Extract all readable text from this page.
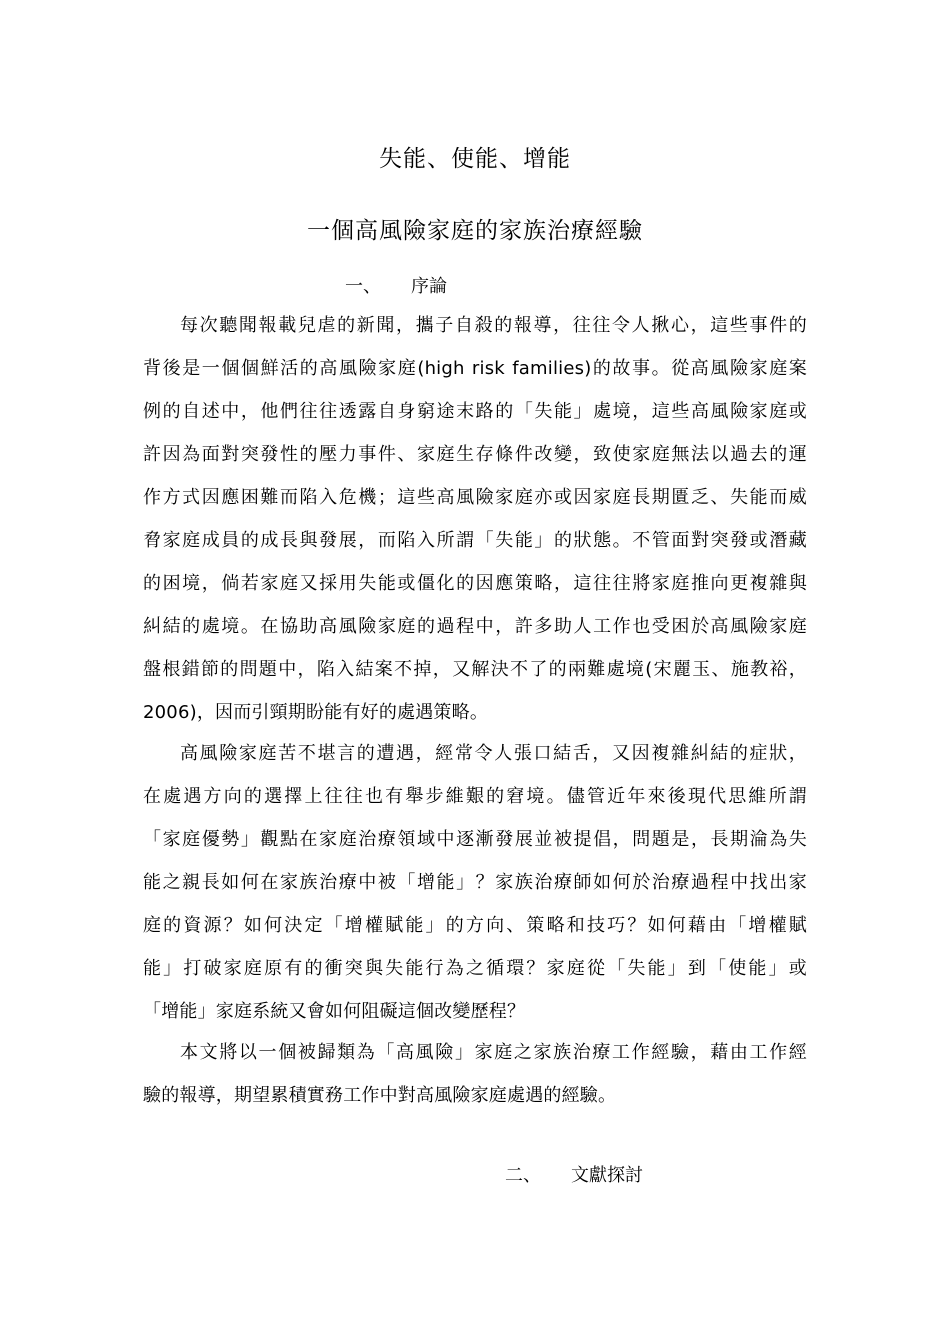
失能、使能、增能
一個高風險家庭的家族治療經驗
一、 序論
每次聽聞報載兒虐的新聞，攜子自殺的報導，往往令人揪心，這些事件的
背後是一個個鮮活的高風險家庭(high risk families)的故事。從高風險家庭案
例的自述中，他們往往透露自身窮途末路的「失能」處境，這些高風險家庭或
許因為面對突發性的壓力事件、家庭生存條件改變，致使家庭無法以過去的運
作方式因應困難而陷入危機；這些高風險家庭亦或因家庭長期匱乏、失能而威
脅家庭成員的成長與發展，而陷入所謂「失能」的狀態。不管面對突發或潛藏
的困境，倘若家庭又採用失能或僵化的因應策略，這往往將家庭推向更複雜與
糾結的處境。在協助高風險家庭的過程中，許多助人工作也受困於高風險家庭
盤根錯節的問題中，陷入結案不掉，又解決不了的兩難處境(宋麗玉、施教裕，
2006)，因而引頸期盼能有好的處遇策略。
高風險家庭苦不堪言的遭遇，經常令人張口結舌，又因複雜糾結的症狀，
在處遇方向的選擇上往往也有舉步維艱的窘境。儘管近年來後現代思維所謂
「家庭優勢」觀點在家庭治療領域中逐漸發展並被提倡，問題是，長期淪為失
能之親長如何在家族治療中被「增能」？家族治療師如何於治療過程中找出家
庭的資源？如何決定「增權賦能」的方向、策略和技巧？如何藉由「增權賦
能」打破家庭原有的衝突與失能行為之循環？家庭從「失能」到「使能」或
「增能」家庭系統又會如何阻礙這個改變歷程？
本文將以一個被歸類為「高風險」家庭之家族治療工作經驗，藉由工作經
驗的報導，期望累積實務工作中對高風險家庭處遇的經驗。
二、 文獻探討
